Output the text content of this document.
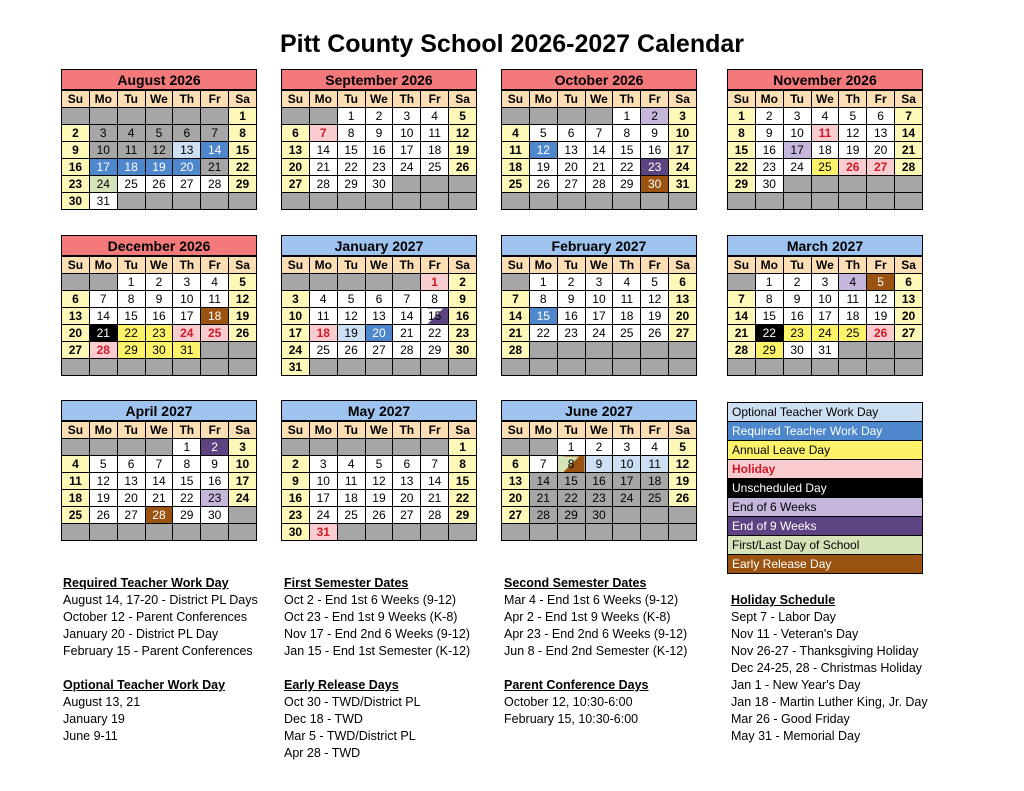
Pitt County School 2026-2027 Calendar
August 2026
Su	Mo	Tu	We	Th	Fr	Sa
						1
2	3	4	5	6	7	8
9	10	11	12	13	14	15
16	17	18	19	20	21	22
23	24	25	26	27	28	29
30	31					
September 2026
Su	Mo	Tu	We	Th	Fr	Sa
		1	2	3	4	5
6	7	8	9	10	11	12
13	14	15	16	17	18	19
20	21	22	23	24	25	26
27	28	29	30			

October 2026
Su	Mo	Tu	We	Th	Fr	Sa
				1	2	3
4	5	6	7	8	9	10
11	12	13	14	15	16	17
18	19	20	21	22	23	24
25	26	27	28	29	30	31

November 2026
Su	Mo	Tu	We	Th	Fr	Sa
1	2	3	4	5	6	7
8	9	10	11	12	13	14
15	16	17	18	19	20	21
22	23	24	25	26	27	28
29	30					

December 2026
Su	Mo	Tu	We	Th	Fr	Sa
		1	2	3	4	5
6	7	8	9	10	11	12
13	14	15	16	17	18	19
20	21	22	23	24	25	26
27	28	29	30	31		

January 2027
Su	Mo	Tu	We	Th	Fr	Sa
					1	2
3	4	5	6	7	8	9
10	11	12	13	14	15	16
17	18	19	20	21	22	23
24	25	26	27	28	29	30
31						
February 2027
Su	Mo	Tu	We	Th	Fr	Sa
	1	2	3	4	5	6
7	8	9	10	11	12	13
14	15	16	17	18	19	20
21	22	23	24	25	26	27
28						

March 2027
Su	Mo	Tu	We	Th	Fr	Sa
	1	2	3	4	5	6
7	8	9	10	11	12	13
14	15	16	17	18	19	20
21	22	23	24	25	26	27
28	29	30	31			

April 2027
Su	Mo	Tu	We	Th	Fr	Sa
				1	2	3
4	5	6	7	8	9	10
11	12	13	14	15	16	17
18	19	20	21	22	23	24
25	26	27	28	29	30	

May 2027
Su	Mo	Tu	We	Th	Fr	Sa
						1
2	3	4	5	6	7	8
9	10	11	12	13	14	15
16	17	18	19	20	21	22
23	24	25	26	27	28	29
30	31					
June 2027
Su	Mo	Tu	We	Th	Fr	Sa
		1	2	3	4	5
6	7	8	9	10	11	12
13	14	15	16	17	18	19
20	21	22	23	24	25	26
27	28	29	30			

Optional Teacher Work Day
Required Teacher Work Day
Annual Leave Day
Holiday
Unscheduled Day
End of 6 Weeks
End of 9 Weeks
First/Last Day of School
Early Release Day
Required Teacher Work Day
August 14, 17-20 - District PL Days
October 12 - Parent Conferences
January 20 - District PL Day
February 15 - Parent Conferences
Optional Teacher Work Day
August 13, 21
January 19
June 9-11
First Semester Dates
Oct 2 - End 1st 6 Weeks (9-12)
Oct 23 - End 1st 9 Weeks (K-8)
Nov 17 - End 2nd 6 Weeks (9-12)
Jan 15 - End 1st Semester (K-12)
Early Release Days
Oct 30 - TWD/District PL
Dec 18 - TWD
Mar 5 - TWD/District PL
Apr 28 - TWD
Second Semester Dates
Mar 4 - End 1st 6 Weeks (9-12)
Apr 2 - End 1st 9 Weeks (K-8)
Apr 23 - End 2nd 6 Weeks (9-12)
Jun 8 - End 2nd Semester (K-12)
Parent Conference Days
October 12, 10:30-6:00
February 15, 10:30-6:00
Holiday Schedule
Sept 7 - Labor Day
Nov 11 - Veteran's Day
Nov 26-27 - Thanksgiving Holiday
Dec 24-25, 28 - Christmas Holiday
Jan 1 - New Year's Day
Jan 18 - Martin Luther King, Jr. Day
Mar 26 - Good Friday
May 31 - Memorial Day
